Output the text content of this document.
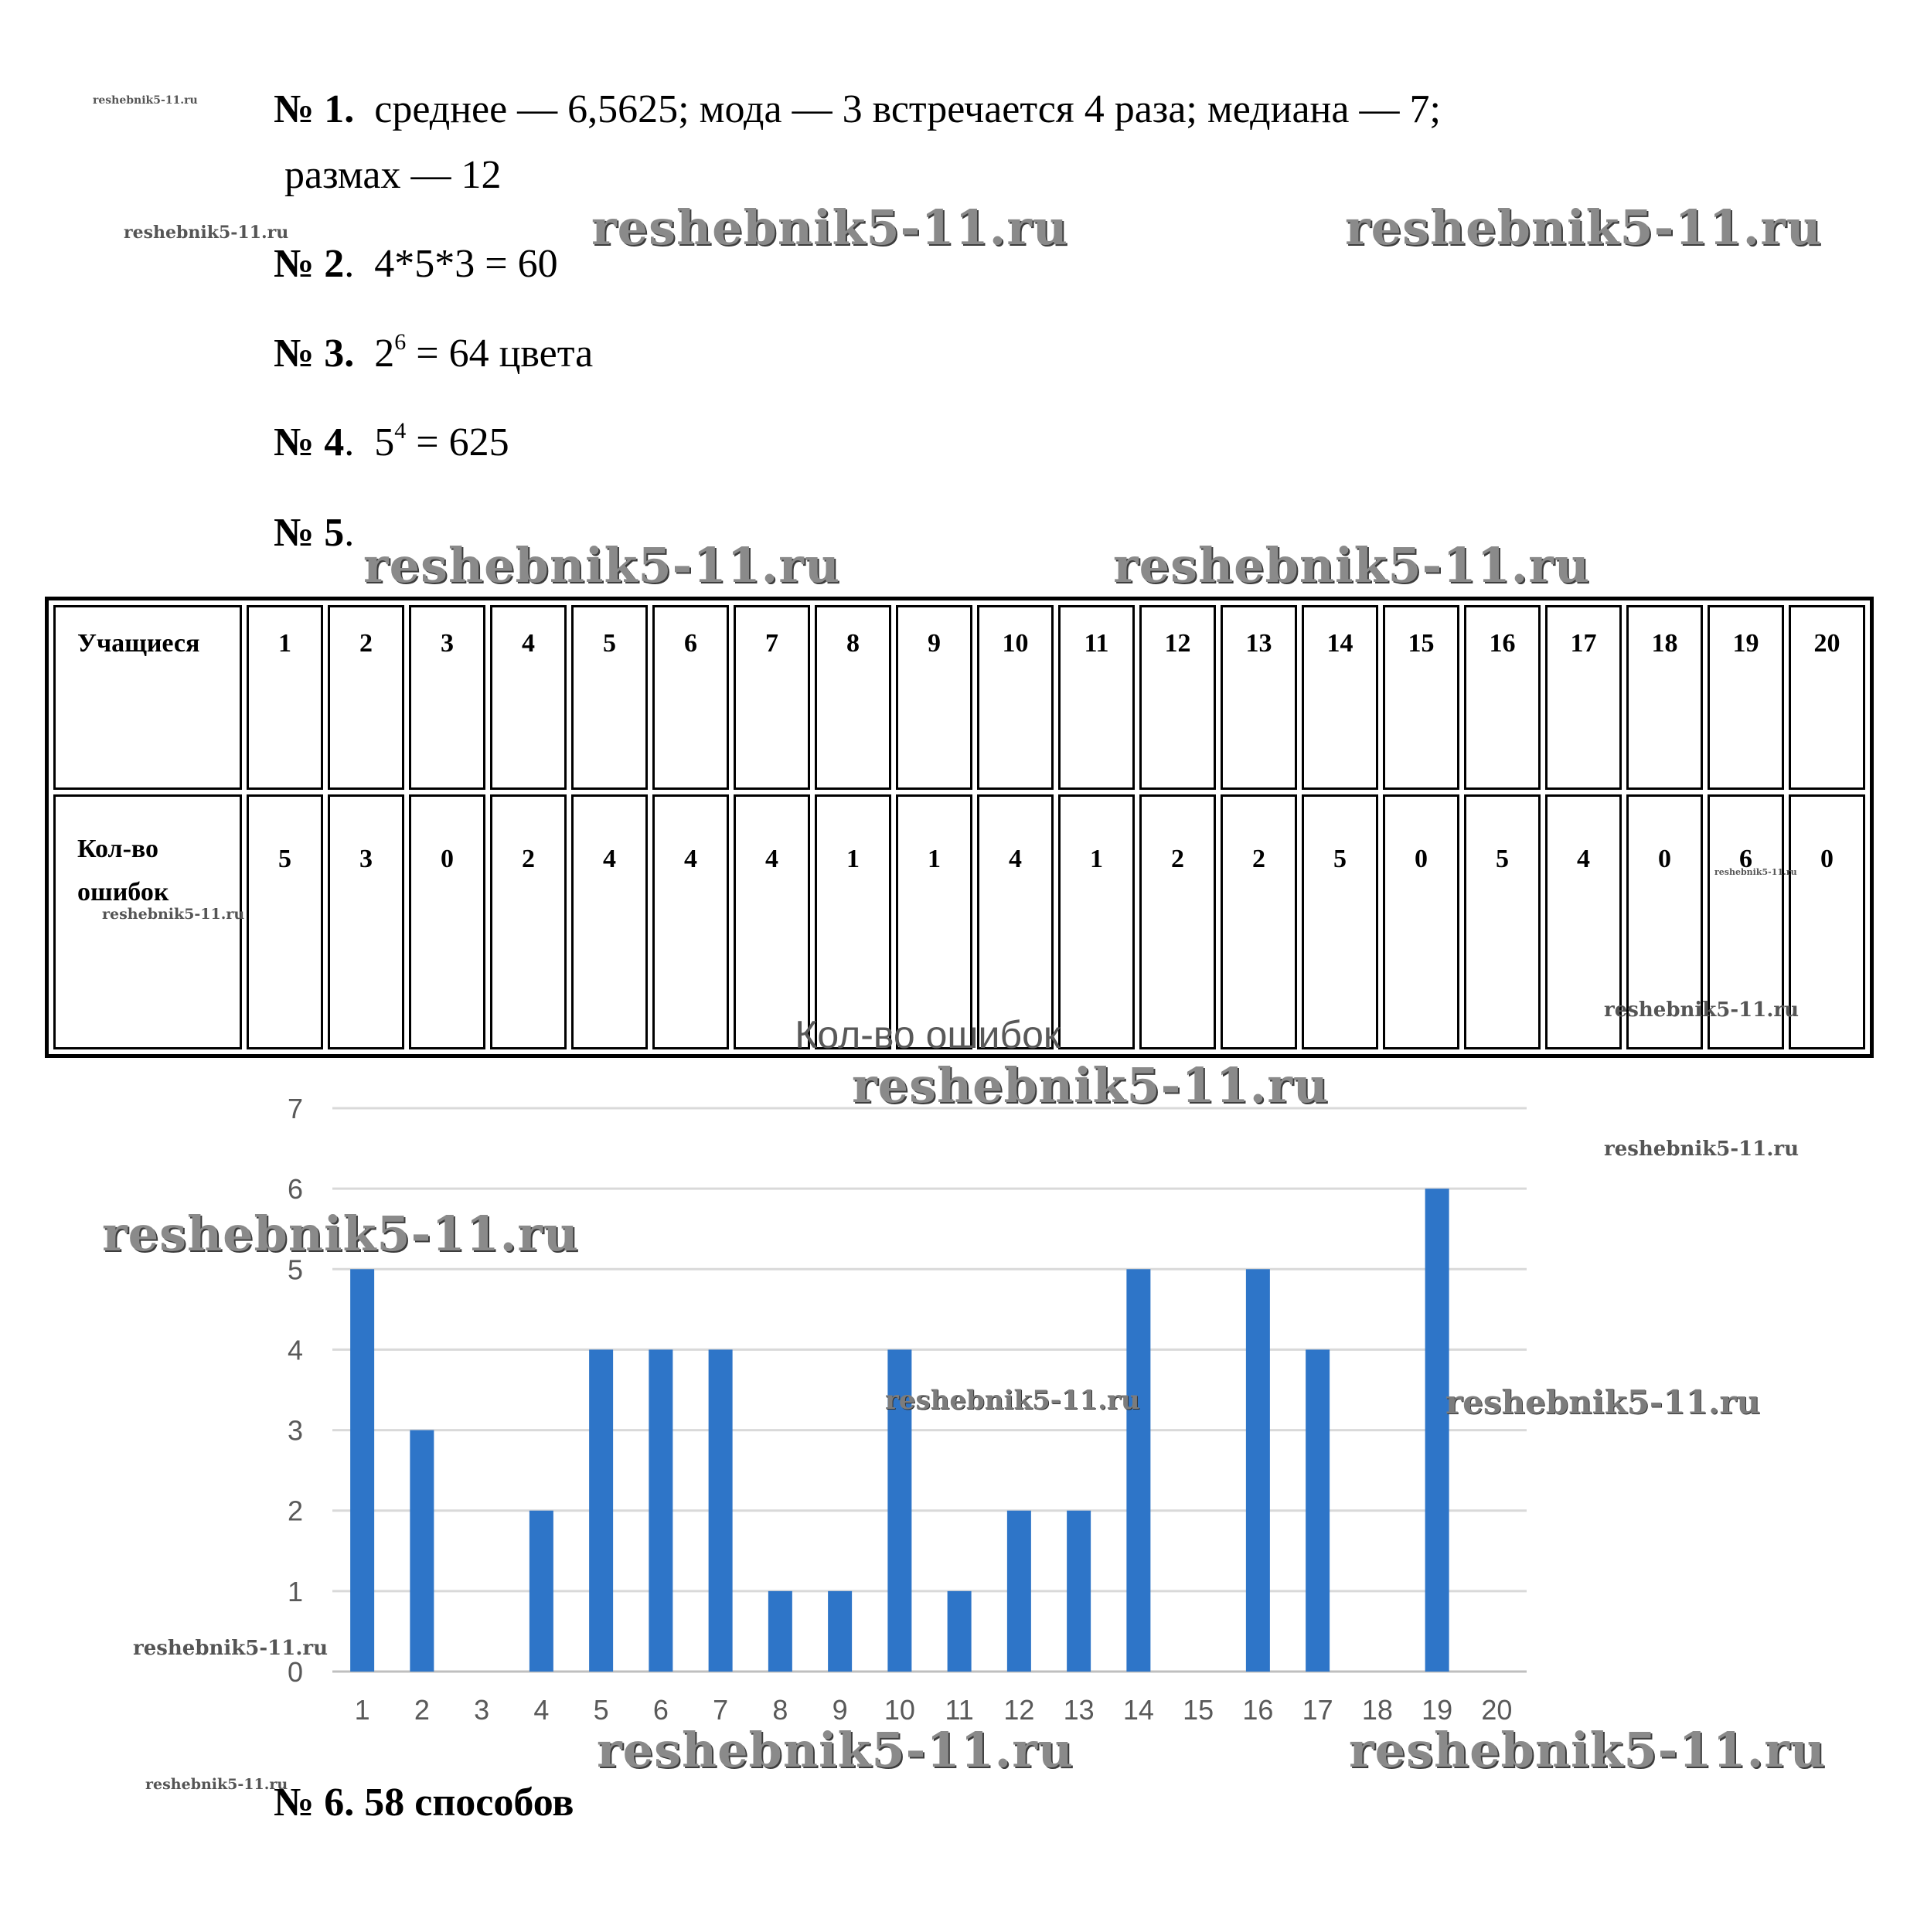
reshebnik5-11.ru
reshebnik5-11.ru	reshebnik5-11.ru	reshebnik5-11.ru
reshebnik5-11.ru	reshebnik5-11.ru
№ 1. среднее — 6,5625; мода — 3 встречается 4 раза; медиана — 7;
размах — 12
№ 2. 4*5*3 = 60
№ 3. $2^6 = 64$ цвета
№ 4. $5^4 = 625$
№ 5.
Учащиеся	1	2	3	4	5	6	7	8	9	10	11	12	13	14	15	16	17	18	19	20
Кол-во
ошибок	5	3	0	2	4	4	4	1	1	4	1	2	2	5	0	5	4	0	6	0
reshebnik5-11.ru
reshebnik5-11.ru
reshebnik5-11.ru
Кол-во ошибок
0
1
2
3
4
5
6
7
1 2 3 4 5 6 7 8 9 10 11 12 13 14 15 16 17 18 19 20
reshebnik5-11.ru
reshebnik5-11.ru
reshebnik5-11.ru
reshebnik5-11.ru	reshebnik5-11.ru
reshebnik5-11.ru
reshebnik5-11.ru	reshebnik5-11.ru
reshebnik5-11.ru
№ 6. 58 способов
